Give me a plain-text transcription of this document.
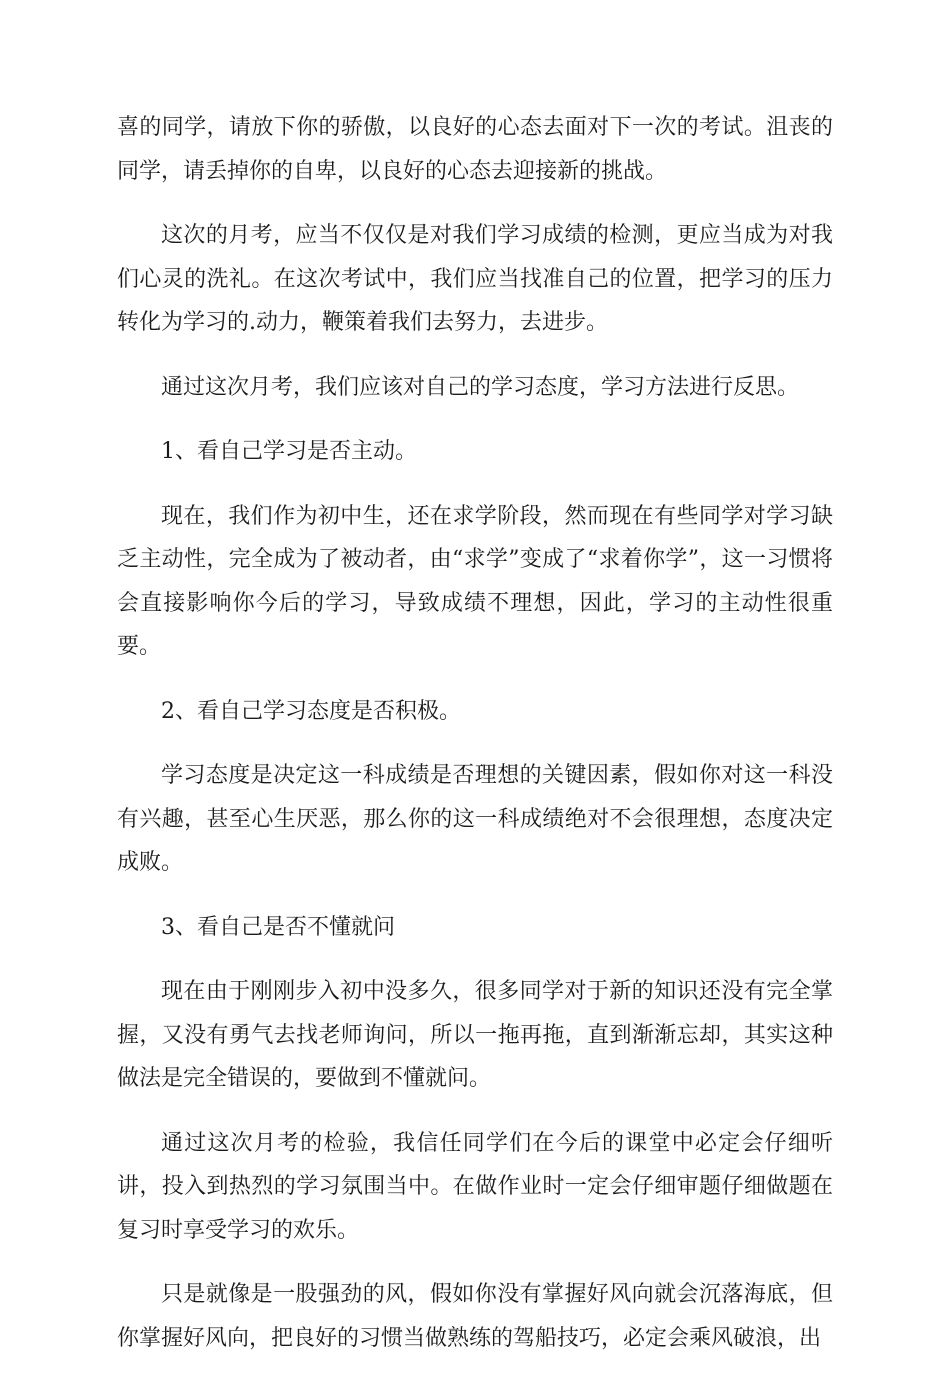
喜的同学，请放下你的骄傲，以良好的心态去面对下一次的考试。沮丧的同学，请丢掉你的自卑，以良好的心态去迎接新的挑战。

这次的月考，应当不仅仅是对我们学习成绩的检测，更应当成为对我们心灵的洗礼。在这次考试中，我们应当找准自己的位置，把学习的压力转化为学习的.动力，鞭策着我们去努力，去进步。

通过这次月考，我们应该对自己的学习态度，学习方法进行反思。

1、看自己学习是否主动。

现在，我们作为初中生，还在求学阶段，然而现在有些同学对学习缺乏主动性，完全成为了被动者，由“求学”变成了“求着你学”，这一习惯将会直接影响你今后的学习，导致成绩不理想，因此，学习的主动性很重要。

2、看自己学习态度是否积极。

学习态度是决定这一科成绩是否理想的关键因素，假如你对这一科没有兴趣，甚至心生厌恶，那么你的这一科成绩绝对不会很理想，态度决定成败。

3、看自己是否不懂就问

现在由于刚刚步入初中没多久，很多同学对于新的知识还没有完全掌握，又没有勇气去找老师询问，所以一拖再拖，直到渐渐忘却，其实这种做法是完全错误的，要做到不懂就问。

通过这次月考的检验，我信任同学们在今后的课堂中必定会仔细听讲，投入到热烈的学习氛围当中。在做作业时一定会仔细审题仔细做题在复习时享受学习的欢乐。

只是就像是一股强劲的风，假如你没有掌握好风向就会沉落海底，但你掌握好风向，把良好的习惯当做熟练的驾船技巧，必定会乘风破浪，出
